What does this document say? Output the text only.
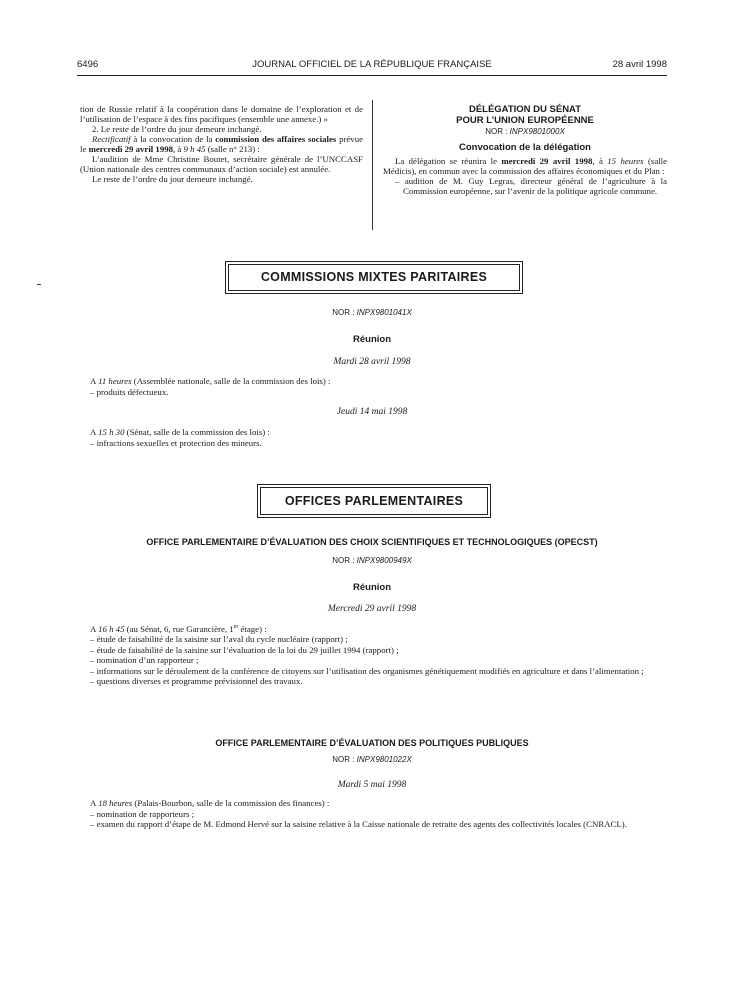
6496	JOURNAL OFFICIEL DE LA RÉPUBLIQUE FRANÇAISE	28 avril 1998

tion de Russie relatif à la coopération dans le domaine de l’exploration et de l’utilisation de l’espace à des fins pacifiques (ensemble une annexe.) »

2. Le reste de l’ordre du jour demeure inchangé.

Rectificatif à la convocation de la commission des affaires sociales prévue le mercredi 29 avril 1998, à 9 h 45 (salle n° 213) :

L’audition de Mme Christine Boutet, secrétaire générale de l’UNCCASF (Union nationale des centres communaux d’action sociale) est annulée.

Le reste de l’ordre du jour demeure inchangé.

DÉLÉGATION DU SÉNAT
POUR L’UNION EUROPÉENNE
NOR : INPX9801000X
Convocation de la délégation

La délégation se réunira le mercredi 29 avril 1998, à 15 heures (salle Médicis), en commun avec la commission des affaires économiques et du Plan :

– audition de M. Guy Legras, directeur général de l’agriculture à la Commission européenne, sur l’avenir de la politique agricole commune.

COMMISSIONS MIXTES PARITAIRES
NOR : INPX9801041X
Réunion
Mardi 28 avril 1998

A 11 heures (Assemblée nationale, salle de la commission des lois) :

– produits défectueux.

Jeudi 14 mai 1998

A 15 h 30 (Sénat, salle de la commission des lois) :

– infractions sexuelles et protection des mineurs.

OFFICES PARLEMENTAIRES
OFFICE PARLEMENTAIRE D’ÉVALUATION DES CHOIX SCIENTIFIQUES ET TECHNOLOGIQUES (OPECST)
NOR : INPX9800949X
Réunion
Mercredi 29 avril 1998

A 16 h 45 (au Sénat, 6, rue Garancière, 1er étage) :

– étude de faisabilité de la saisine sur l’aval du cycle nucléaire (rapport) ;

– étude de faisabilité de la saisine sur l’évaluation de la loi du 29 juillet 1994 (rapport) ;

– nomination d’un rapporteur ;

– informations sur le déroulement de la conférence de citoyens sur l’utilisation des organismes génétiquement modifiés en agriculture et dans l’alimentation ;

– questions diverses et programme prévisionnel des travaux.

OFFICE PARLEMENTAIRE D’ÉVALUATION DES POLITIQUES PUBLIQUES
NOR : INPX9801022X
Mardi 5 mai 1998

A 18 heures (Palais-Bourbon, salle de la commission des finances) :

– nomination de rapporteurs ;

– examen du rapport d’étape de M. Edmond Hervé sur la saisine relative à la Caisse nationale de retraite des agents des collectivités locales (CNRACL).
